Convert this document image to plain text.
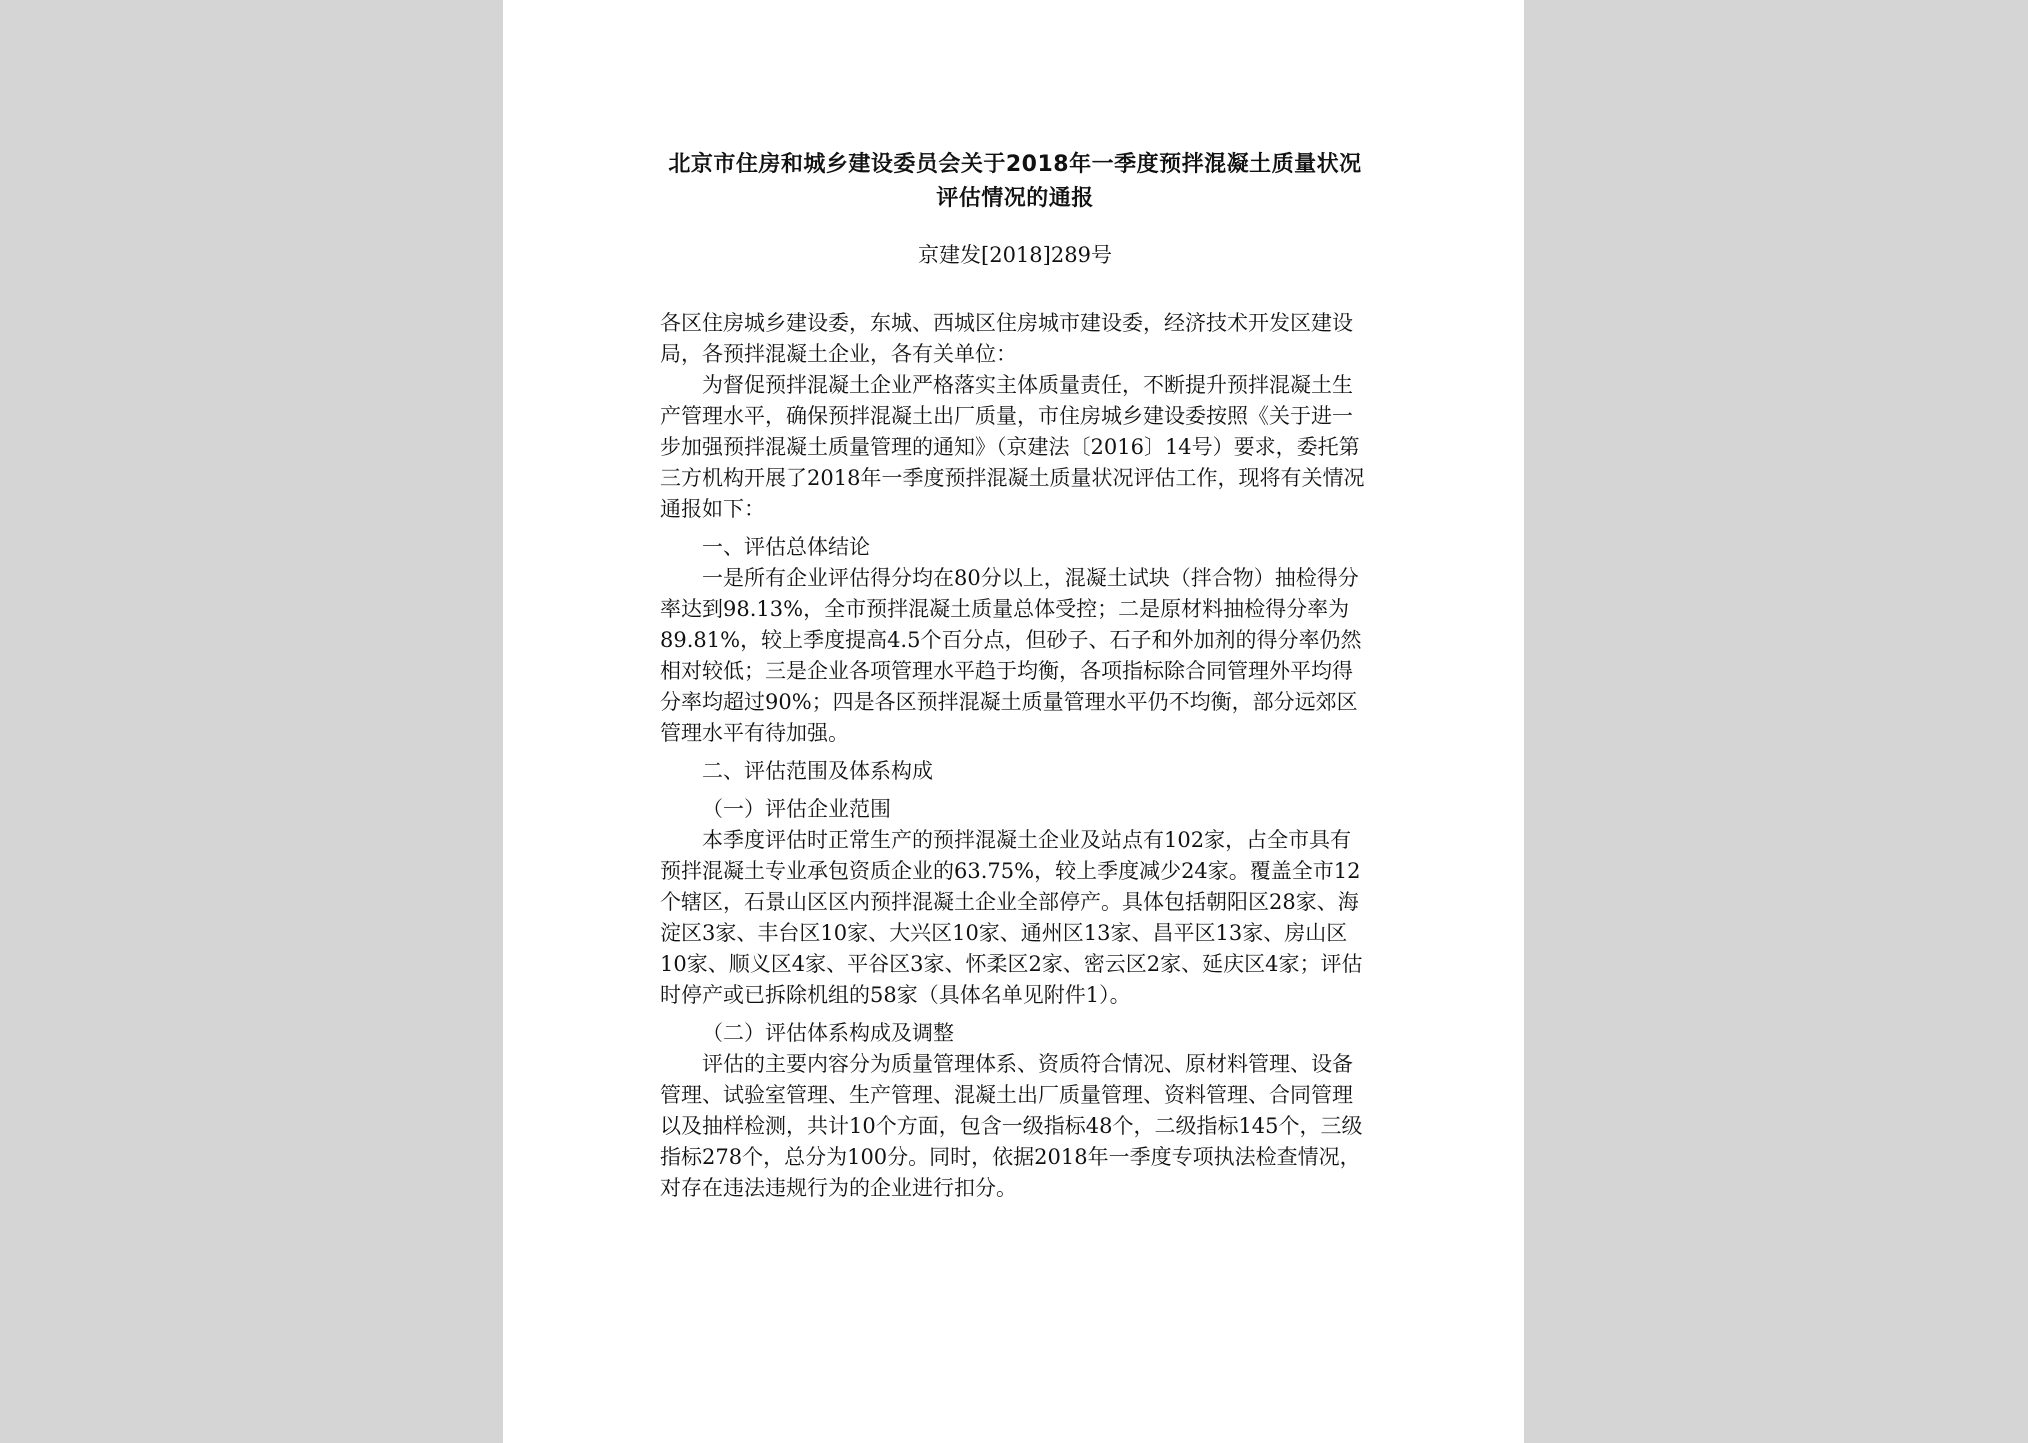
北京市住房和城乡建设委员会关于2018年一季度预拌混凝土质量状况评估情况的通报

京建发[2018]289号

各区住房城乡建设委，东城、西城区住房城市建设委，经济技术开发区建设局，各预拌混凝土企业，各有关单位：

为督促预拌混凝土企业严格落实主体质量责任，不断提升预拌混凝土生产管理水平，确保预拌混凝土出厂质量，市住房城乡建设委按照《关于进一步加强预拌混凝土质量管理的通知》（京建法〔2016〕14号）要求，委托第三方机构开展了2018年一季度预拌混凝土质量状况评估工作，现将有关情况通报如下：

一、评估总体结论

一是所有企业评估得分均在80分以上，混凝土试块（拌合物）抽检得分率达到98.13%，全市预拌混凝土质量总体受控；二是原材料抽检得分率为89.81%，较上季度提高4.5个百分点，但砂子、石子和外加剂的得分率仍然相对较低；三是企业各项管理水平趋于均衡，各项指标除合同管理外平均得分率均超过90%；四是各区预拌混凝土质量管理水平仍不均衡，部分远郊区管理水平有待加强。

二、评估范围及体系构成

（一）评估企业范围

本季度评估时正常生产的预拌混凝土企业及站点有102家，占全市具有预拌混凝土专业承包资质企业的63.75%，较上季度减少24家。覆盖全市12个辖区，石景山区区内预拌混凝土企业全部停产。具体包括朝阳区28家、海淀区3家、丰台区10家、大兴区10家、通州区13家、昌平区13家、房山区10家、顺义区4家、平谷区3家、怀柔区2家、密云区2家、延庆区4家；评估时停产或已拆除机组的58家（具体名单见附件1）。

（二）评估体系构成及调整

评估的主要内容分为质量管理体系、资质符合情况、原材料管理、设备管理、试验室管理、生产管理、混凝土出厂质量管理、资料管理、合同管理以及抽样检测，共计10个方面，包含一级指标48个，二级指标145个，三级指标278个，总分为100分。同时，依据2018年一季度专项执法检查情况，对存在违法违规行为的企业进行扣分。
